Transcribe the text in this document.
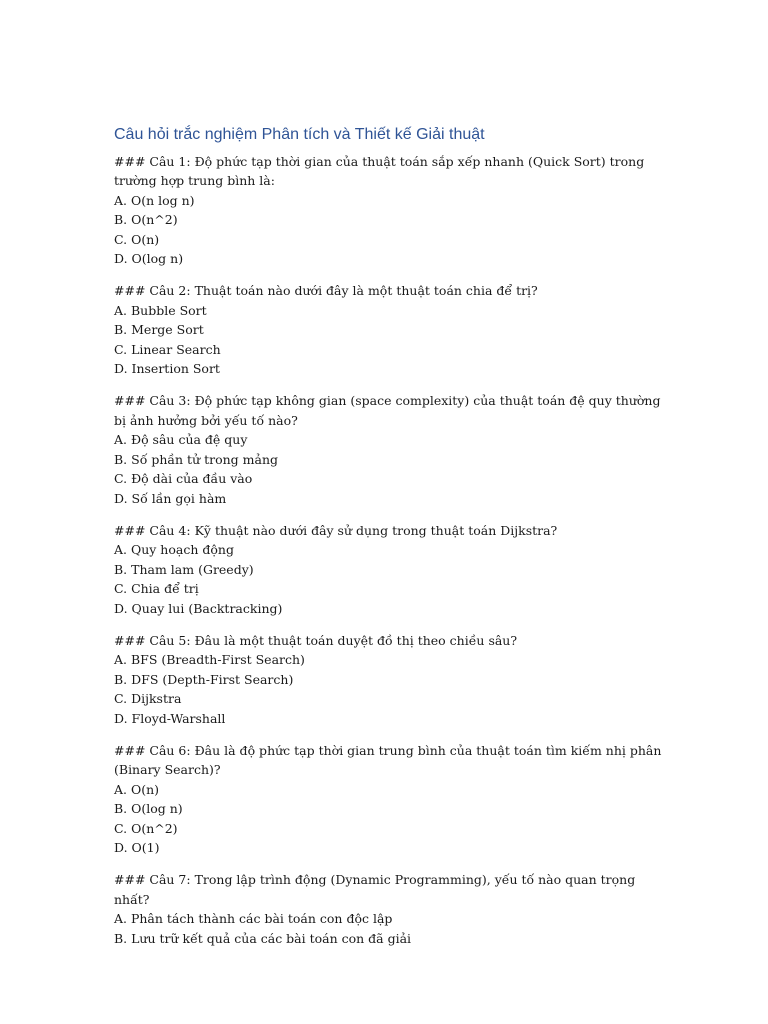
Câu hỏi trắc nghiệm Phân tích và Thiết kế Giải thuật

### Câu 1: Độ phức tạp thời gian của thuật toán sắp xếp nhanh (Quick Sort) trong trường hợp trung bình là:

A. O(n log n)
B. O(n^2)
C. O(n)
D. O(log n)

### Câu 2: Thuật toán nào dưới đây là một thuật toán chia để trị?

A. Bubble Sort
B. Merge Sort
C. Linear Search
D. Insertion Sort

### Câu 3: Độ phức tạp không gian (space complexity) của thuật toán đệ quy thường bị ảnh hưởng bởi yếu tố nào?

A. Độ sâu của đệ quy
B. Số phần tử trong mảng
C. Độ dài của đầu vào
D. Số lần gọi hàm

### Câu 4: Kỹ thuật nào dưới đây sử dụng trong thuật toán Dijkstra?

A. Quy hoạch động
B. Tham lam (Greedy)
C. Chia để trị
D. Quay lui (Backtracking)

### Câu 5: Đâu là một thuật toán duyệt đồ thị theo chiều sâu?

A. BFS (Breadth-First Search)
B. DFS (Depth-First Search)
C. Dijkstra
D. Floyd-Warshall

### Câu 6: Đâu là độ phức tạp thời gian trung bình của thuật toán tìm kiếm nhị phân (Binary Search)?

A. O(n)
B. O(log n)
C. O(n^2)
D. O(1)

### Câu 7: Trong lập trình động (Dynamic Programming), yếu tố nào quan trọng nhất?

A. Phân tách thành các bài toán con độc lập
B. Lưu trữ kết quả của các bài toán con đã giải
